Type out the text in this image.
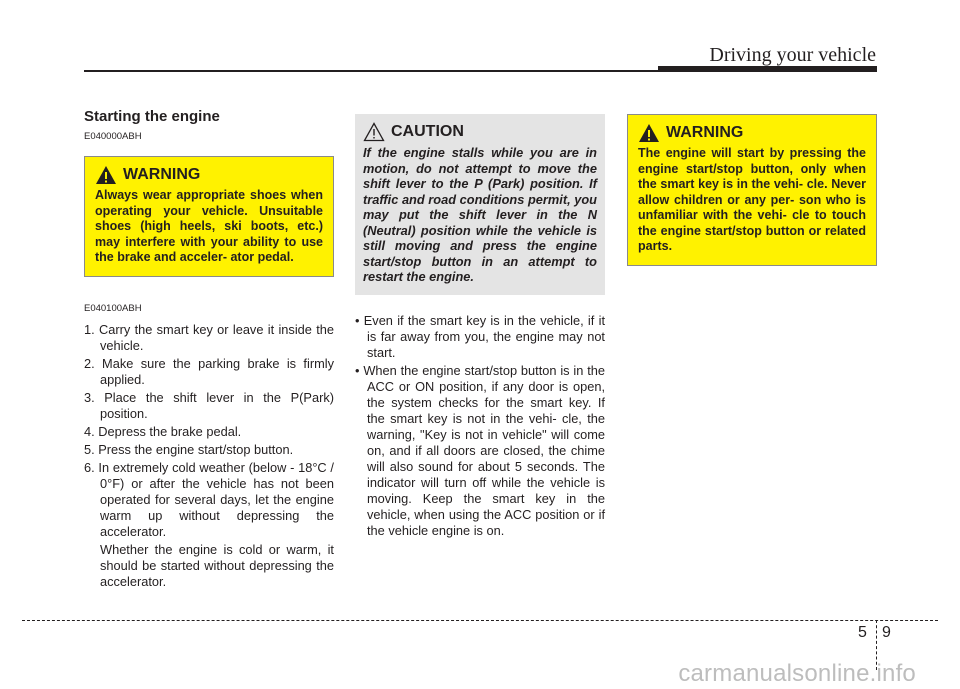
Driving your vehicle
Starting the engine
E040000ABH
WARNING
Always wear appropriate shoes when operating your vehicle. Unsuitable shoes (high heels, ski boots, etc.) may interfere with your ability to use the brake and acceler- ator pedal.
E040100ABH
1. Carry the smart key or leave it inside the vehicle.
2. Make sure the parking brake is firmly applied.
3. Place the shift lever in the P(Park) position.
4. Depress the brake pedal.
5. Press the engine start/stop button.
6. In extremely cold weather (below - 18°C / 0°F) or after the vehicle has not been operated for several days, let the engine warm up without depressing the accelerator.
Whether the engine is cold or warm, it should be started without depressing the accelerator.
CAUTION
If the engine stalls while you are in motion, do not attempt to move the shift lever to the P (Park) position. If traffic and road conditions permit, you may put the shift lever in the N (Neutral) position while the vehicle is still moving and press the engine start/stop button in an attempt to restart the engine.
• Even if the smart key is in the vehicle, if it is far away from you, the engine may not start.
• When the engine start/stop button is in the ACC or ON position, if any door is open, the system checks for the smart key. If the smart key is not in the vehi- cle, the warning, "Key is not in vehicle" will come on, and if all doors are closed, the chime will also sound for about 5 seconds. The indicator will turn off while the vehicle is moving. Keep the smart key in the vehicle, when using the ACC position or if the vehicle engine is on.
WARNING
The engine will start by pressing the engine start/stop button, only when the smart key is in the vehi- cle. Never allow children or any per- son who is unfamiliar with the vehi- cle to touch the engine start/stop button or related parts.
5 9
carmanualsonline.info
